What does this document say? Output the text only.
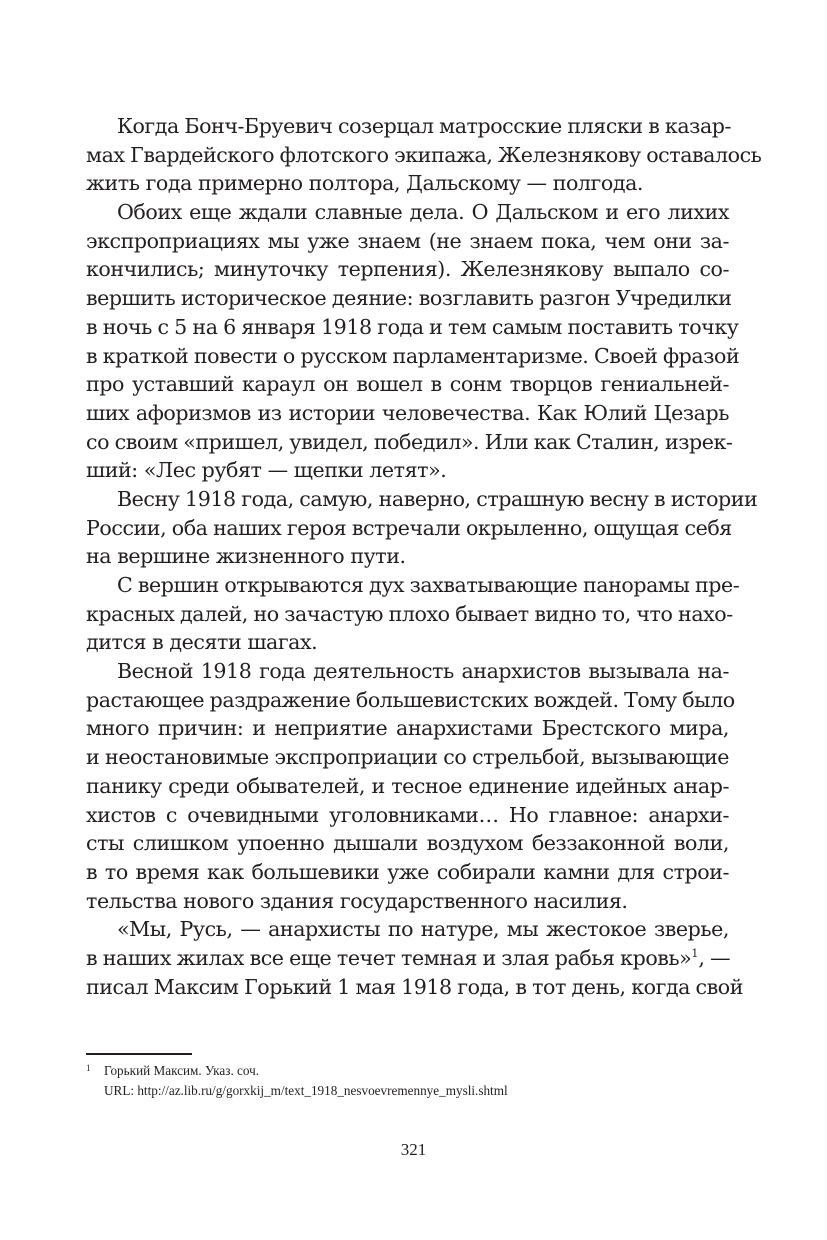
Когда Бонч-Бруевич созерцал матросские пляски в казар-
мах Гвардейского флотского экипажа, Железнякову оставалось
жить года примерно полтора, Дальскому — полгода.
Обоих еще ждали славные дела. О Дальском и его лихих
экспроприациях мы уже знаем (не знаем пока, чем они за-
кончились; минуточку терпения). Железнякову выпало со-
вершить историческое деяние: возглавить разгон Учредилки
в ночь с 5 на 6 января 1918 года и тем самым поставить точку
в краткой повести о русском парламентаризме. Своей фразой
про уставший караул он вошел в сонм творцов гениальней-
ших афоризмов из истории человечества. Как Юлий Цезарь
со своим «пришел, увидел, победил». Или как Сталин, изрек-
ший: «Лес рубят — щепки летят».
Весну 1918 года, самую, наверно, страшную весну в истории
России, оба наших героя встречали окрыленно, ощущая себя
на вершине жизненного пути.
С вершин открываются дух захватывающие панорамы пре-
красных далей, но зачастую плохо бывает видно то, что нахо-
дится в десяти шагах.
Весной 1918 года деятельность анархистов вызывала на-
растающее раздражение большевистских вождей. Тому было
много причин: и неприятие анархистами Брестского мира,
и неостановимые экспроприации со стрельбой, вызывающие
панику среди обывателей, и тесное единение идейных анар-
хистов с очевидными уголовниками… Но главное: анархи-
сты слишком упоенно дышали воздухом беззаконной воли,
в то время как большевики уже собирали камни для строи-
тельства нового здания государственного насилия.
«Мы, Русь, — анархисты по натуре, мы жестокое зверье,
в наших жилах все еще течет темная и злая рабья кровь»$^1$, —
писал Максим Горький 1 мая 1918 года, в тот день, когда свой
1	Горький Максим. Указ. соч.
URL: http://az.lib.ru/g/gorxkij_m/text_1918_nesvoevremennye_mysli.shtml
321
